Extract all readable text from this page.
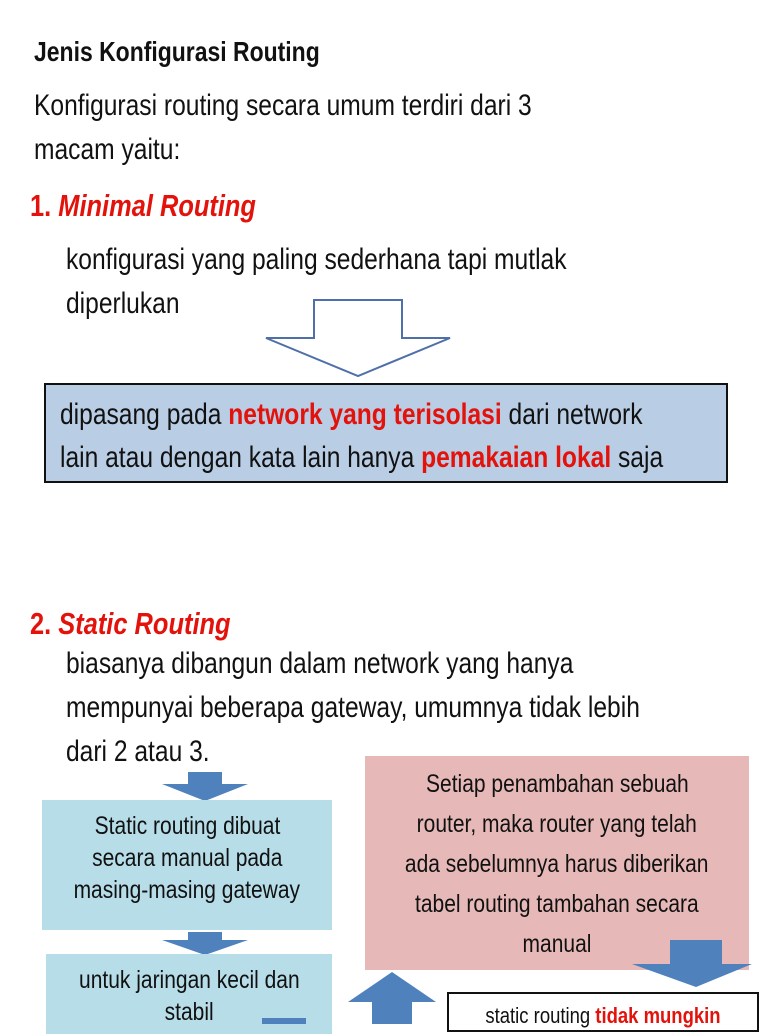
Jenis Konfigurasi Routing
Konfigurasi routing secara umum terdiri dari 3
macam yaitu:
1. Minimal Routing
konfigurasi yang paling sederhana tapi mutlak
diperlukan
dipasang pada network yang terisolasi dari network
lain atau dengan kata lain hanya pemakaian lokal saja
2. Static Routing
biasanya dibangun dalam network yang hanya
mempunyai beberapa gateway, umumnya tidak lebih
dari 2 atau 3.
Static routing dibuat
secara manual pada
masing-masing gateway
untuk jaringan kecil dan
stabil
Setiap penambahan sebuah
router, maka router yang telah
ada sebelumnya harus diberikan
tabel routing tambahan secara
manual
static routing tidak mungkin
